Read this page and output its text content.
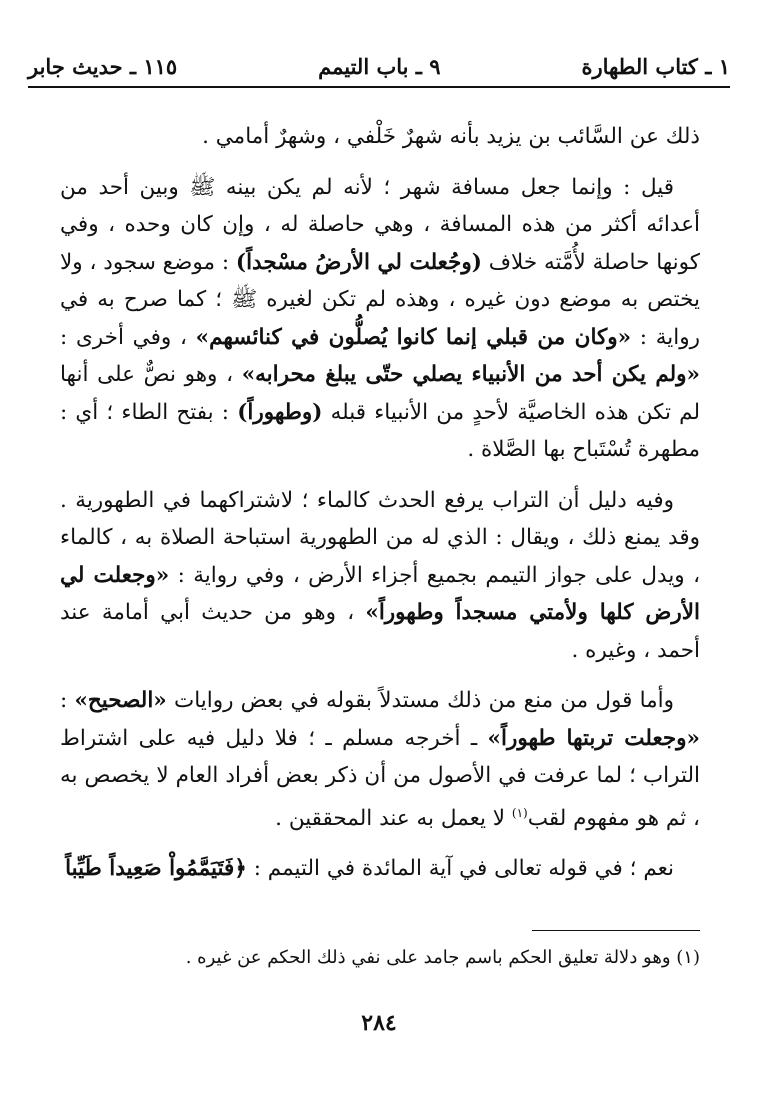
١ ـ كتاب الطهارة
٩ ـ باب التيمم
١١٥ ـ حديث جابر

ذلك عن السَّائب بن يزيد بأنه شهرٌ خَلْفي ، وشهرٌ أمامي .

قيل : وإنما جعل مسافة شهر ؛ لأنه لم يكن بينه ﷺ وبين أحد من أعدائه أكثر من هذه المسافة ، وهي حاصلة له ، وإن كان وحده ، وفي كونها حاصلة لأُمَّته خلاف (وجُعلت لي الأرضُ مسْجداً) : موضع سجود ، ولا يختص به موضع دون غيره ، وهذه لم تكن لغيره ﷺ ؛ كما صرح به في رواية : «وكان من قبلي إنما كانوا يُصلُّون في كنائسهم» ، وفي أخرى : «ولم يكن أحد من الأنبياء يصلي حتّى يبلغ محرابه» ، وهو نصٌّ على أنها لم تكن هذه الخاصيَّة لأحدٍ من الأنبياء قبله (وطهوراً) : بفتح الطاء ؛ أي : مطهرة تُسْتَباح بها الصَّلاة .

وفيه دليل أن التراب يرفع الحدث كالماء ؛ لاشتراكهما في الطهورية . وقد يمنع ذلك ، ويقال : الذي له من الطهورية استباحة الصلاة به ، كالماء ، ويدل على جواز التيمم بجميع أجزاء الأرض ، وفي رواية : «وجعلت لي الأرض كلها ولأمتي مسجداً وطهوراً» ، وهو من حديث أبي أمامة عند أحمد ، وغيره .

وأما قول من منع من ذلك مستدلاً بقوله في بعض روايات «الصحيح» : «وجعلت تربتها طهوراً» ـ أخرجه مسلم ـ ؛ فلا دليل فيه على اشتراط التراب ؛ لما عرفت في الأصول من أن ذكر بعض أفراد العام لا يخصص به ، ثم هو مفهوم لقب$^{(١)}$ لا يعمل به عند المحققين .

نعم ؛ في قوله تعالى في آية المائدة في التيمم : ﴿فَتَيَمَّمُواْ صَعِيداً طَيِّباً

(١) وهو دلالة تعليق الحكم باسم جامد على نفي ذلك الحكم عن غيره .
٢٨٤
